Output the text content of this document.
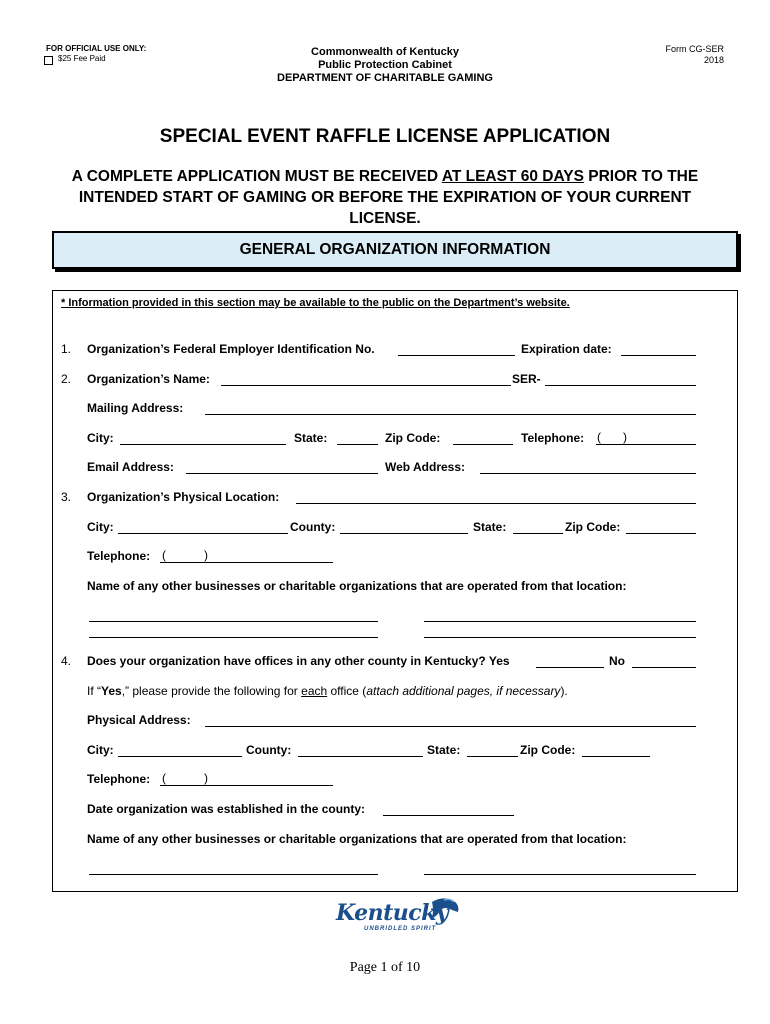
FOR OFFICIAL USE ONLY:
$25 Fee Paid
Commonwealth of Kentucky
Public Protection Cabinet
DEPARTMENT OF CHARITABLE GAMING
Form CG-SER
2018
SPECIAL EVENT RAFFLE LICENSE APPLICATION
A COMPLETE APPLICATION MUST BE RECEIVED AT LEAST 60 DAYS PRIOR TO THE
INTENDED START OF GAMING OR BEFORE THE EXPIRATION OF YOUR CURRENT
LICENSE.
GENERAL ORGANIZATION INFORMATION
* Information provided in this section may be available to the public on the Department’s website.
1. Organization’s Federal Employer Identification No.	Expiration date:
2. Organization’s Name:	SER-
Mailing Address:
City:	State:	Zip Code:	Telephone: ( )
Email Address:	Web Address:
3. Organization’s Physical Location:
City:	County:	State:	Zip Code:
Telephone: (	)
Name of any other businesses or charitable organizations that are operated from that location:
4. Does your organization have offices in any other county in Kentucky? Yes	No
If “Yes,” please provide the following for each office (attach additional pages, if necessary).
Physical Address:
City:	County:	State:	Zip Code:
Telephone: (	)
Date organization was established in the county:
Name of any other businesses or charitable organizations that are operated from that location:
Kentucky
UNBRIDLED SPIRIT
Page 1 of 10
